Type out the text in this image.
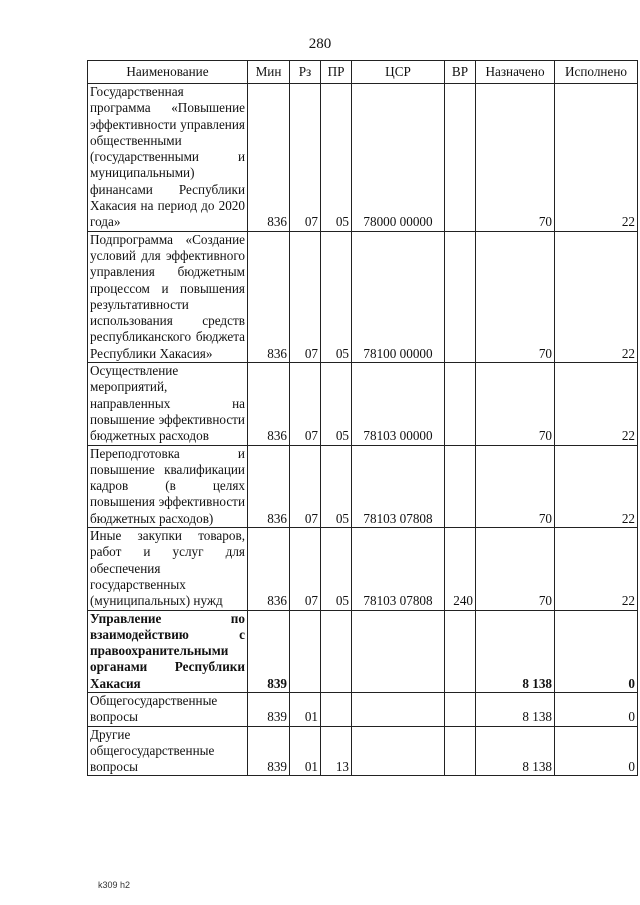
280
Наименование	Мин	Рз	ПР	ЦСР	ВР	Назначено	Исполнено
Государственная программа «Повышение эффективности управления общественными (государственными и муниципальными) финансами Республики Хакасия на период до 2020 года»	836	07	05	78000 00000		70	22
Подпрограмма «Создание условий для эффективного управления бюджетным процессом и повышения результативности использования средств республиканского бюджета Республики Хакасия»	836	07	05	78100 00000		70	22
Осуществление мероприятий, направленных на повышение эффективности бюджетных расходов	836	07	05	78103 00000		70	22
Переподготовка и повышение квалификации кадров (в целях повышения эффективности бюджетных расходов)	836	07	05	78103 07808		70	22
Иные закупки товаров, работ и услуг для обеспечения государственных (муниципальных) нужд	836	07	05	78103 07808	240	70	22
Управление по взаимодействию с правоохранительными органами Республики Хакасия	839					8 138	0
Общегосударственные вопросы	839	01				8 138	0
Другие общегосударственные вопросы	839	01	13			8 138	0
k309 h2
